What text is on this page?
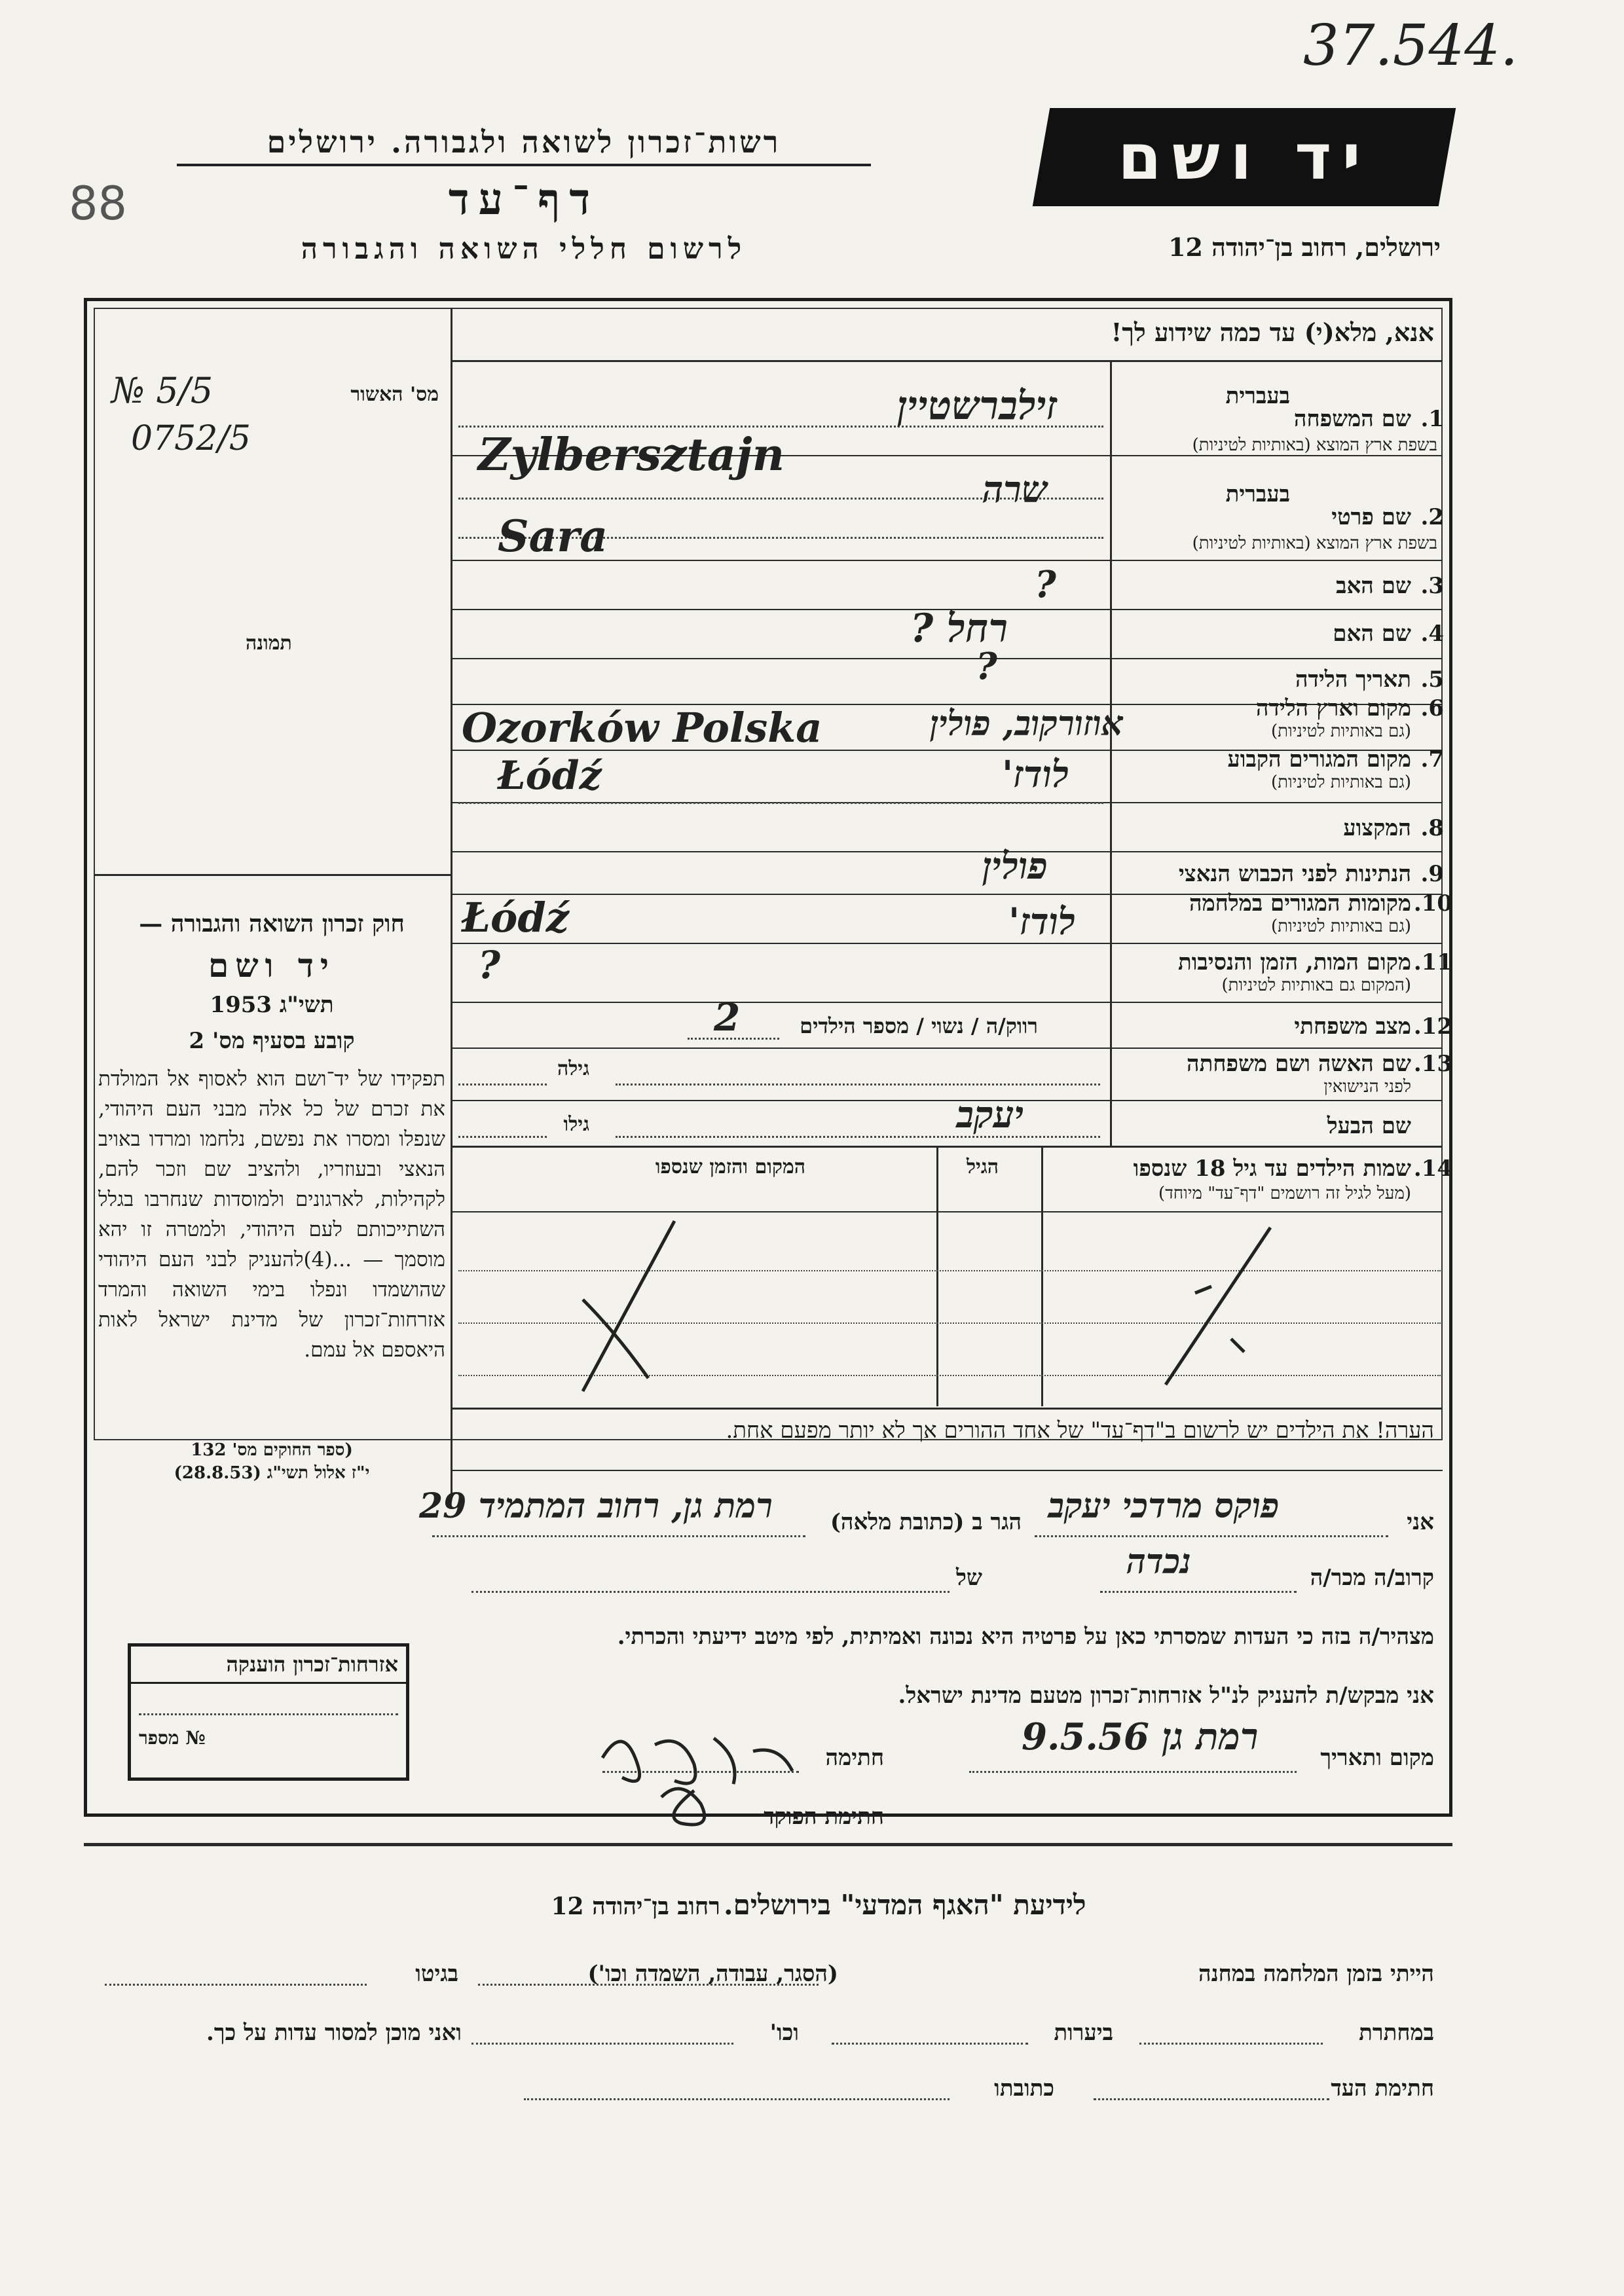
37.544.
88
רשות־זכרון לשואה ולגבורה. ירושלים
דף־עד
לרשום חללי השואה והגבורה
יד ושם
ירושלים, רחוב בן־יהודה 12
אנא, מלא(י) עד כמה שידוע לך!
מס' האשור
№ 5/5
0752/5
תמונה
1.
שם המשפחה
בעברית
בשפת ארץ המוצא (באותיות לטיניות)
זילברשטיין
Zylbersztajn
בעברית
2.
שם פרטי
בשפת ארץ המוצא (באותיות לטיניות)
שרה
Sara
3.
שם האב
?
4.
שם האם
רחל ?
5.
תאריך הלידה
?
6.
מקום וארץ הלידה
(גם באותיות לטיניות)
אוזורקוב, פולין
Ozorków Polska
7.
מקום המגורים הקבוע
(גם באותיות לטיניות)
לודז'
Łódź
8.
המקצוע
9.
הנתינות לפני הכבוש הנאצי
פולין
10.
מקומות המגורים במלחמה
(גם באותיות לטיניות)
לודז'
Łódź
11.
מקום המות, הזמן והנסיבות
(המקום גם באותיות לטיניות)
?
12.
מצב משפחתי
רווק/ה / נשוי / מספר הילדים
2
13.
שם האשה ושם משפחתה
לפני הנישואין
גילה
שם הבעל
גילו	יעקב
14.
שמות הילדים עד גיל 18 שנספו
(מעל לגיל זה רושמים "דף־עד" מיוחד)
הגיל
המקום והזמן שנספו
הערה! את הילדים יש לרשום ב"דף־עד" של אחד ההורים אך לא יותר מפעם אחת.
חוק זכרון השואה והגבורה —
יד ושם
תשי"ג 1953
קובע בסעיף מס' 2
תפקידו של יד־ושם הוא לאסוף אל המולדת את זכרם של כל אלה מבני העם היהודי, שנפלו ומסרו את נפשם, נלחמו ומרדו באויב הנאצי ובעוזריו, ולהציב שם וזכר להם, לקהילות, לארגונים ולמוסדות שנחרבו בגלל השתייכותם לעם היהודי, ולמטרה זו יהא מוסמך — ...(4)להעניק לבני העם היהודי שהושמדו ונפלו בימי השואה והמרד אזרחות־זכרון של מדינת ישראל לאות היאספם אל עמם.
(ספר החוקים מס' 132
י"ז אלול תשי"ג (28.8.53)
אזרחות־זכרון הוענקה
№ מספר
אני
פוקס מרדכי יעקב
הגר ב (כתובת מלאה)
רמת גן, רחוב המתמיד 29
קרוב/ה מכר/ה
נכדה
של
מצהיר/ה בזה כי העדות שמסרתי כאן על פרטיה היא נכונה ואמיתית, לפי מיטב ידיעתי והכרתי.
אני מבקש/ת להעניק לנ"ל אזרחות־זכרון מטעם מדינת ישראל.
מקום ותאריך
רמת גן 9.5.56
חתימה
חתימת הפוקד
לידיעת "האגף המדעי" בירושלים. רחוב בן־יהודה 12
הייתי בזמן המלחמה במחנה
(הסגר, עבודה, השמדה וכו')
בגיטו
במחתרת
ביערות
וכו'
ואני מוכן למסור עדות על כך.
חתימת העד
כתובתו
